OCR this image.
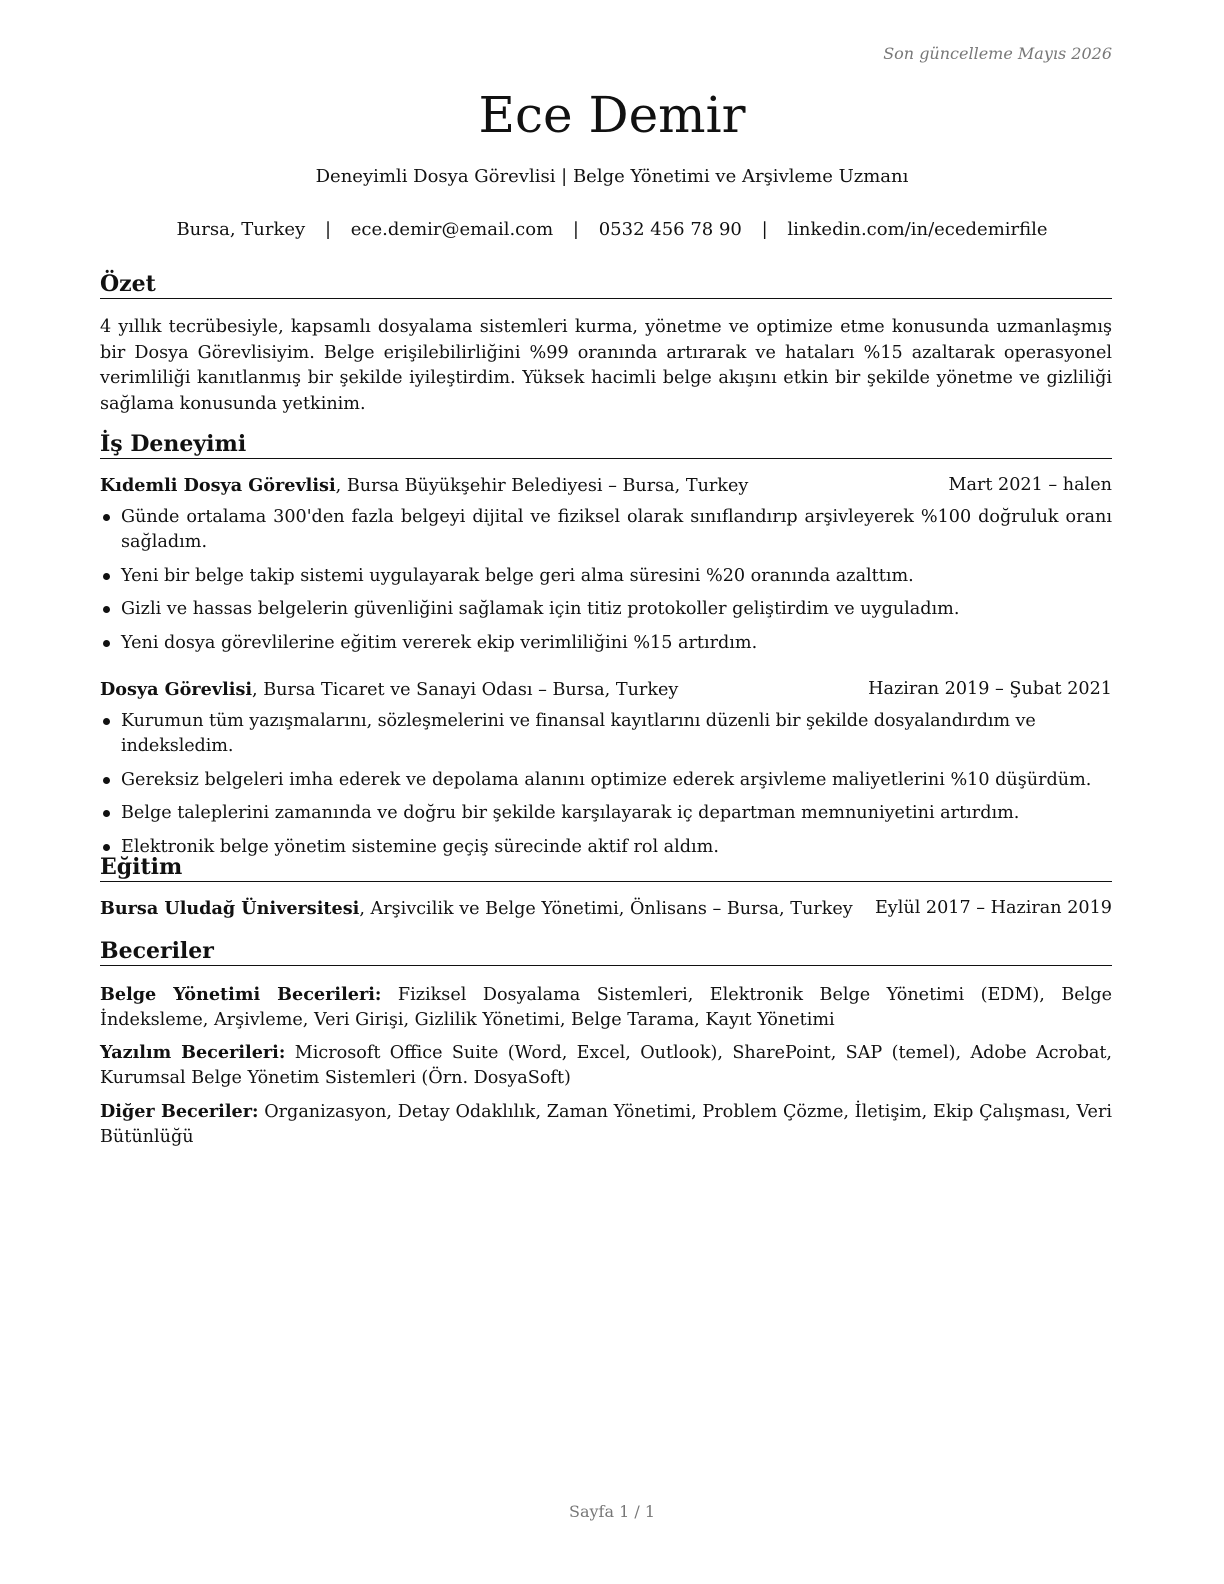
Son güncelleme Mayıs 2026
Ece Demir
Deneyimli Dosya Görevlisi | Belge Yönetimi ve Arşivleme Uzmanı
Bursa, Turkey | ece.demir@email.com | 0532 456 78 90 | linkedin.com/in/ecedemirfile
Özet
4 yıllık tecrübesiyle, kapsamlı dosyalama sistemleri kurma, yönetme ve optimize etme konusunda uzmanlaşmış bir Dosya Görevlisiyim. Belge erişilebilirliğini %99 oranında artırarak ve hataları %15 azaltarak operasyonel verimliliği kanıtlanmış bir şekilde iyileştirdim. Yüksek hacimli belge akışını etkin bir şekilde yönetme ve gizliliği sağlama konusunda yetkinim.
İş Deneyimi
Kıdemli Dosya Görevlisi, Bursa Büyükşehir Belediyesi – Bursa, Turkey	Mart 2021 – halen
Günde ortalama 300'den fazla belgeyi dijital ve fiziksel olarak sınıflandırıp arşivleyerek %100 doğruluk oranı sağladım.
Yeni bir belge takip sistemi uygulayarak belge geri alma süresini %20 oranında azalttım.
Gizli ve hassas belgelerin güvenliğini sağlamak için titiz protokoller geliştirdim ve uyguladım.
Yeni dosya görevlilerine eğitim vererek ekip verimliliğini %15 artırdım.
Dosya Görevlisi, Bursa Ticaret ve Sanayi Odası – Bursa, Turkey	Haziran 2019 – Şubat 2021
Kurumun tüm yazışmalarını, sözleşmelerini ve finansal kayıtlarını düzenli bir şekilde dosyalandırdım ve indeksledim.
Gereksiz belgeleri imha ederek ve depolama alanını optimize ederek arşivleme maliyetlerini %10 düşürdüm.
Belge taleplerini zamanında ve doğru bir şekilde karşılayarak iç departman memnuniyetini artırdım.
Elektronik belge yönetim sistemine geçiş sürecinde aktif rol aldım.
Eğitim
Bursa Uludağ Üniversitesi, Arşivcilik ve Belge Yönetimi, Önlisans – Bursa, Turkey Eylül 2017 – Haziran 2019
Beceriler
Belge Yönetimi Becerileri: Fiziksel Dosyalama Sistemleri, Elektronik Belge Yönetimi (EDM), Belge İndeksleme, Arşivleme, Veri Girişi, Gizlilik Yönetimi, Belge Tarama, Kayıt Yönetimi
Yazılım Becerileri: Microsoft Office Suite (Word, Excel, Outlook), SharePoint, SAP (temel), Adobe Acrobat, Kurumsal Belge Yönetim Sistemleri (Örn. DosyaSoft)
Diğer Beceriler: Organizasyon, Detay Odaklılık, Zaman Yönetimi, Problem Çözme, İletişim, Ekip Çalışması, Veri Bütünlüğü
Sayfa 1 / 1
